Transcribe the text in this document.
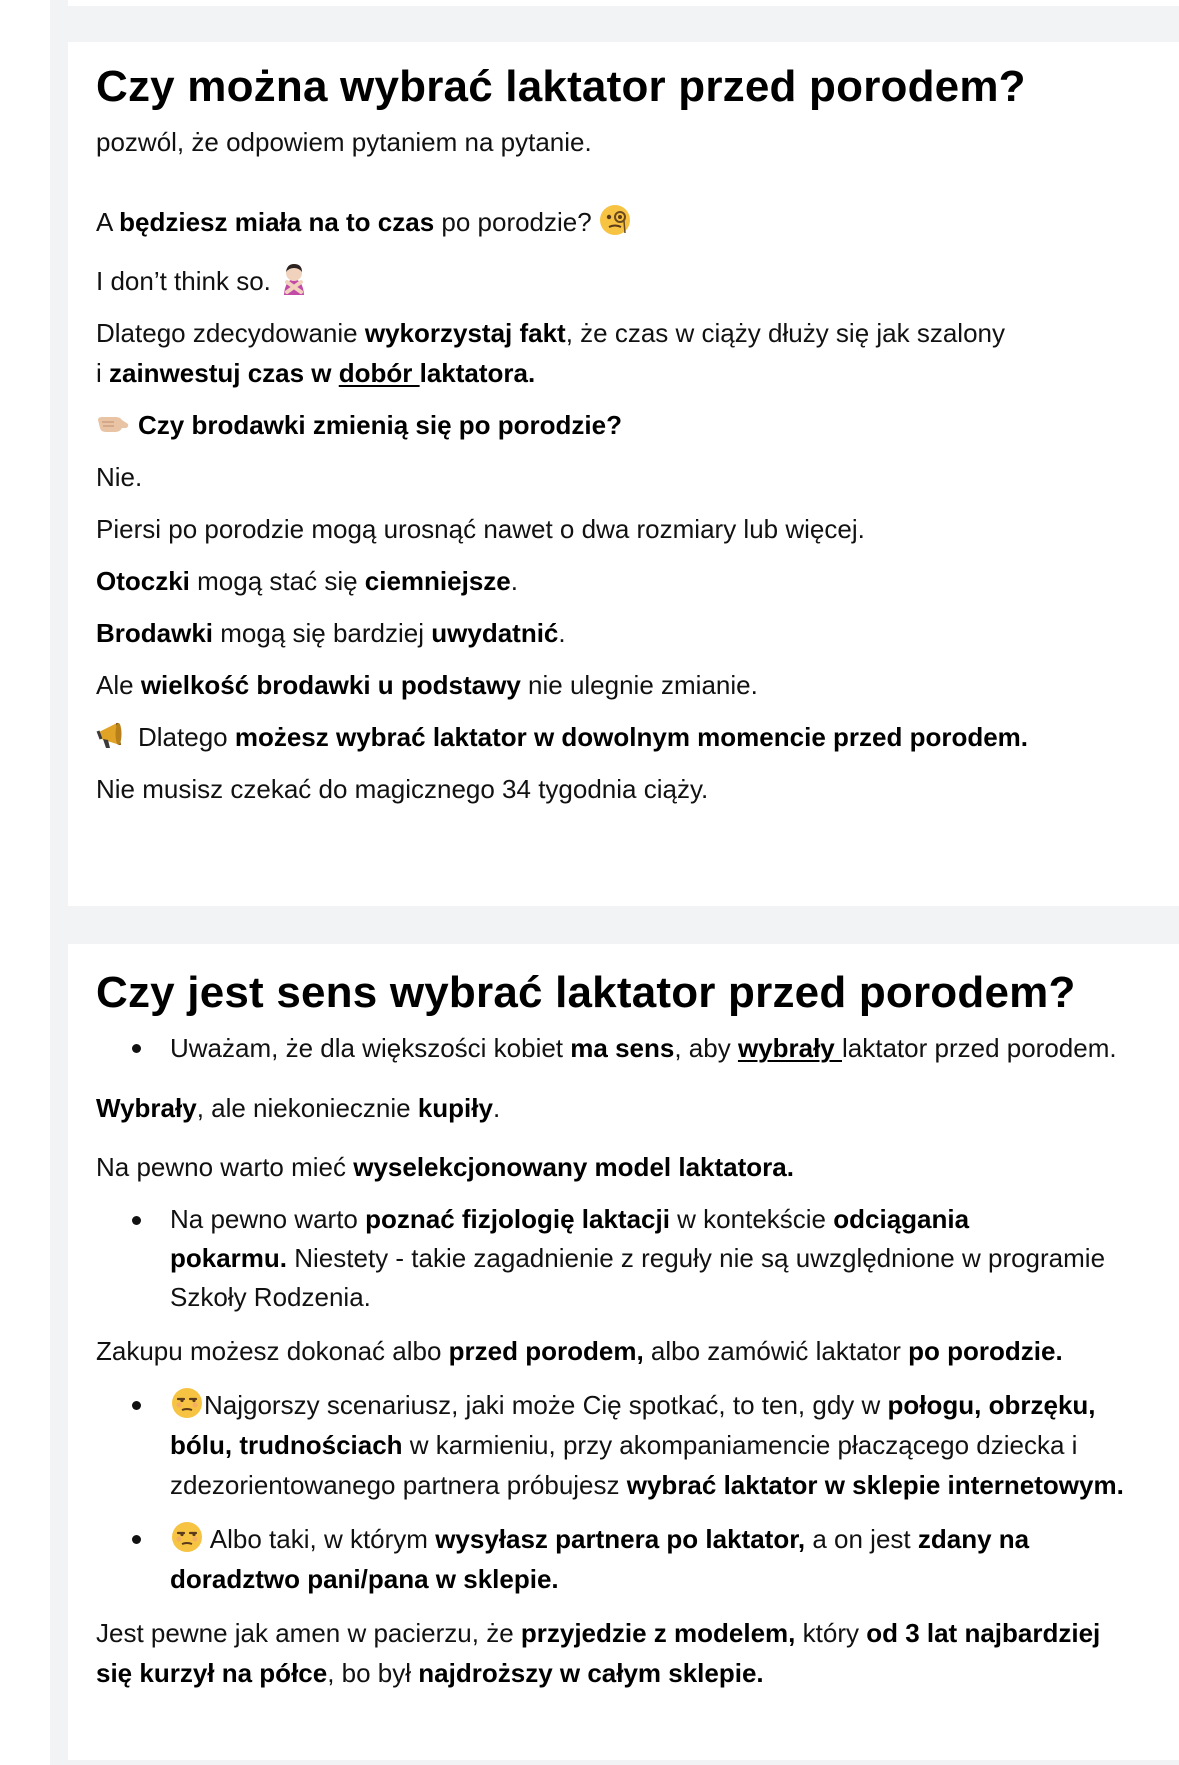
Czy można wybrać laktator przed porodem?

pozwól, że odpowiem pytaniem na pytanie.

A będziesz miała na to czas po porodzie?

I don’t think so.

Dlatego zdecydowanie wykorzystaj fakt, że czas w ciąży dłuży się jak szalony
i zainwestuj czas w dobór laktatora.

Czy brodawki zmienią się po porodzie?

Nie.

Piersi po porodzie mogą urosnąć nawet o dwa rozmiary lub więcej.

Otoczki mogą stać się ciemniejsze.

Brodawki mogą się bardziej uwydatnić.

Ale wielkość brodawki u podstawy nie ulegnie zmianie.

Dlatego możesz wybrać laktator w dowolnym momencie przed porodem.

Nie musisz czekać do magicznego 34 tygodnia ciąży.

Czy jest sens wybrać laktator przed porodem?
Uważam, że dla większości kobiet ma sens, aby wybrały laktator przed porodem.

Wybrały, ale niekoniecznie kupiły.

Na pewno warto mieć wyselekcjonowany model laktatora.

Na pewno warto poznać fizjologię laktacji w kontekście odciągania
pokarmu. Niestety - takie zagadnienie z reguły nie są uwzględnione w programie
Szkoły Rodzenia.

Zakupu możesz dokonać albo przed porodem, albo zamówić laktator po porodzie.

Najgorszy scenariusz, jaki może Cię spotkać, to ten, gdy w połogu, obrzęku,
bólu, trudnościach w karmieniu, przy akompaniamencie płaczącego dziecka i
zdezorientowanego partnera próbujesz wybrać laktator w sklepie internetowym.
Albo taki, w którym wysyłasz partnera po laktator, a on jest zdany na
doradztwo pani/pana w sklepie.

Jest pewne jak amen w pacierzu, że przyjedzie z modelem, który od 3 lat najbardziej
się kurzył na półce, bo był najdroższy w całym sklepie.
